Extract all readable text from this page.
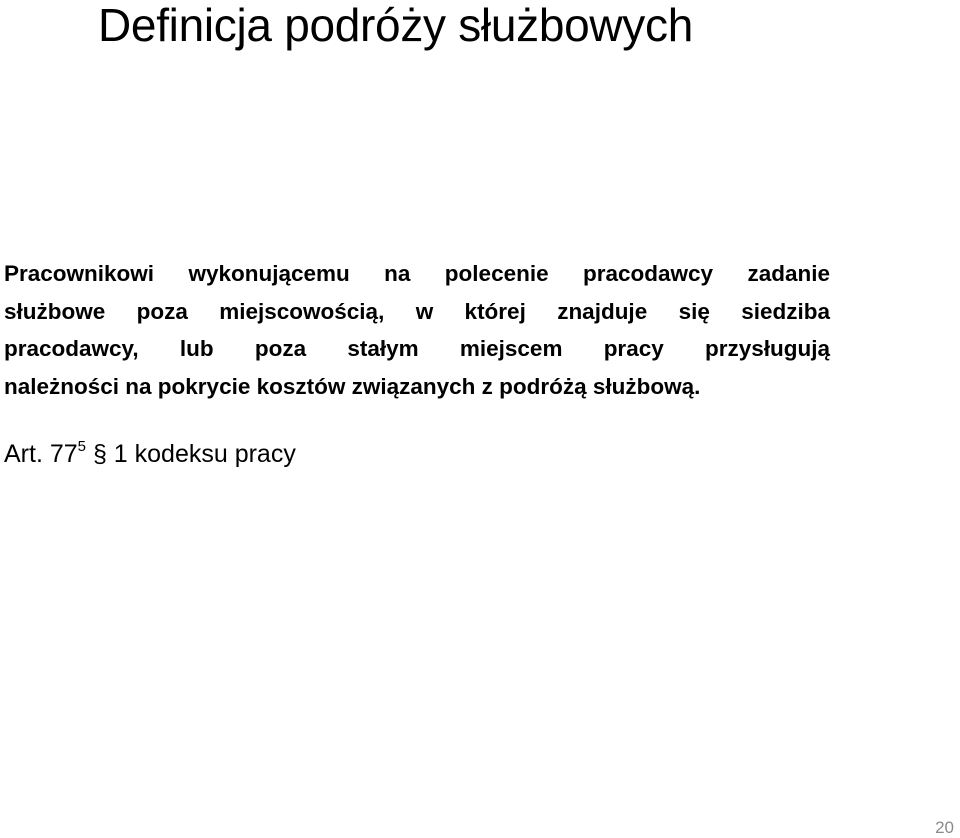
Definicja podróży służbowych
Pracownikowi wykonującemu na polecenie pracodawcy zadanie
służbowe poza miejscowością, w której znajduje się siedziba
pracodawcy, lub poza stałym miejscem pracy przysługują
należności na pokrycie kosztów związanych z podróżą służbową.

Art. $77^5$ § 1 kodeksu pracy

20
